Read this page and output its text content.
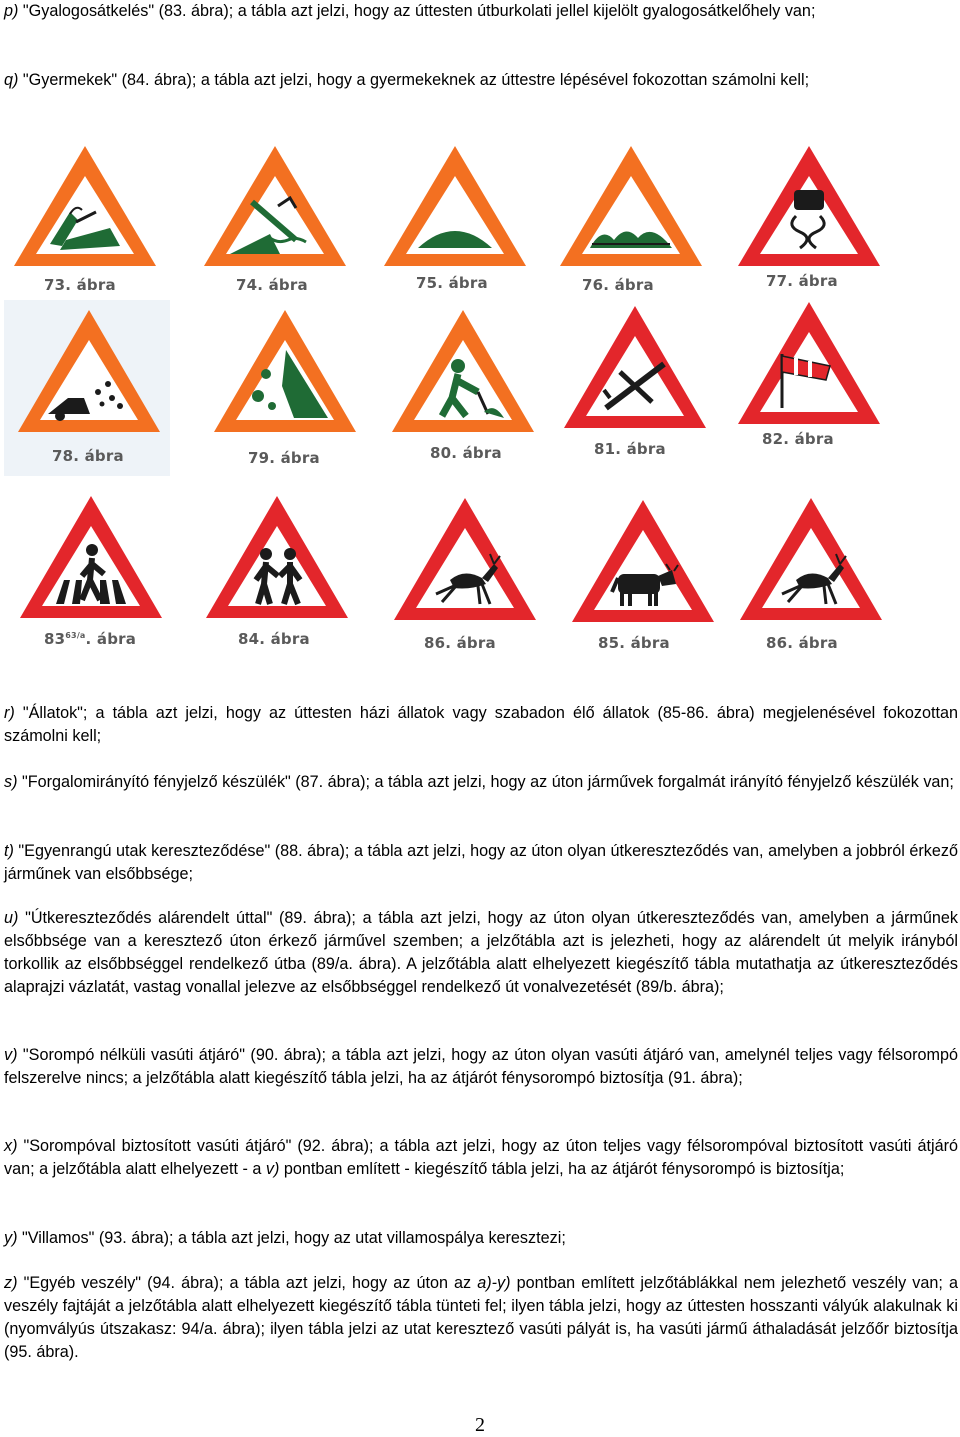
p) "Gyalogosátkelés" (83. ábra); a tábla azt jelzi, hogy az úttesten útburkolati jellel kijelölt gyalogosátkelőhely van;

q) "Gyermekek" (84. ábra); a tábla azt jelzi, hogy a gyermekeknek az úttestre lépésével fokozottan számolni kell;

73. ábra	74. ábra	75. ábra	76. ábra	77. ábra
78. ábra	79. ábra	80. ábra	81. ábra
82. ábra
$83^{63/a}$. ábra	84. ábra	86. ábra	85. ábra	86. ábra

r) "Állatok"; a tábla azt jelzi, hogy az úttesten házi állatok vagy szabadon élő állatok (85-86. ábra) megjelenésével fokozottan számolni kell;

s) "Forgalomirányító fényjelző készülék" (87. ábra); a tábla azt jelzi, hogy az úton járművek forgalmát irányító fényjelző készülék van;

t) "Egyenrangú utak kereszteződése" (88. ábra); a tábla azt jelzi, hogy az úton olyan útkereszteződés van, amelyben a jobbról érkező járműnek van elsőbbsége;

u) "Útkereszteződés alárendelt úttal" (89. ábra); a tábla azt jelzi, hogy az úton olyan útkereszteződés van, amelyben a járműnek elsőbbsége van a keresztező úton érkező járművel szemben; a jelzőtábla azt is jelezheti, hogy az alárendelt út melyik irányból torkollik az elsőbbséggel rendelkező útba (89/a. ábra). A jelzőtábla alatt elhelyezett kiegészítő tábla mutathatja az útkereszteződés alaprajzi vázlatát, vastag vonallal jelezve az elsőbbséggel rendelkező út vonalvezetését (89/b. ábra);

v) "Sorompó nélküli vasúti átjáró" (90. ábra); a tábla azt jelzi, hogy az úton olyan vasúti átjáró van, amelynél teljes vagy félsorompó felszerelve nincs; a jelzőtábla alatt kiegészítő tábla jelzi, ha az átjárót fénysorompó biztosítja (91. ábra);

x) "Sorompóval biztosított vasúti átjáró" (92. ábra); a tábla azt jelzi, hogy az úton teljes vagy félsorompóval biztosított vasúti átjáró van; a jelzőtábla alatt elhelyezett - a v) pontban említett - kiegészítő tábla jelzi, ha az átjárót fénysorompó is biztosítja;

y) "Villamos" (93. ábra); a tábla azt jelzi, hogy az utat villamospálya keresztezi;

z) "Egyéb veszély" (94. ábra); a tábla azt jelzi, hogy az úton az a)-y) pontban említett jelzőtáblákkal nem jelezhető veszély van; a veszély fajtáját a jelzőtábla alatt elhelyezett kiegészítő tábla tünteti fel; ilyen tábla jelzi, hogy az úttesten hosszanti vályúk alakulnak ki (nyomvályús útszakasz: 94/a. ábra); ilyen tábla jelzi az utat keresztező vasúti pályát is, ha vasúti jármű áthaladását jelzőőr biztosítja (95. ábra).

2
